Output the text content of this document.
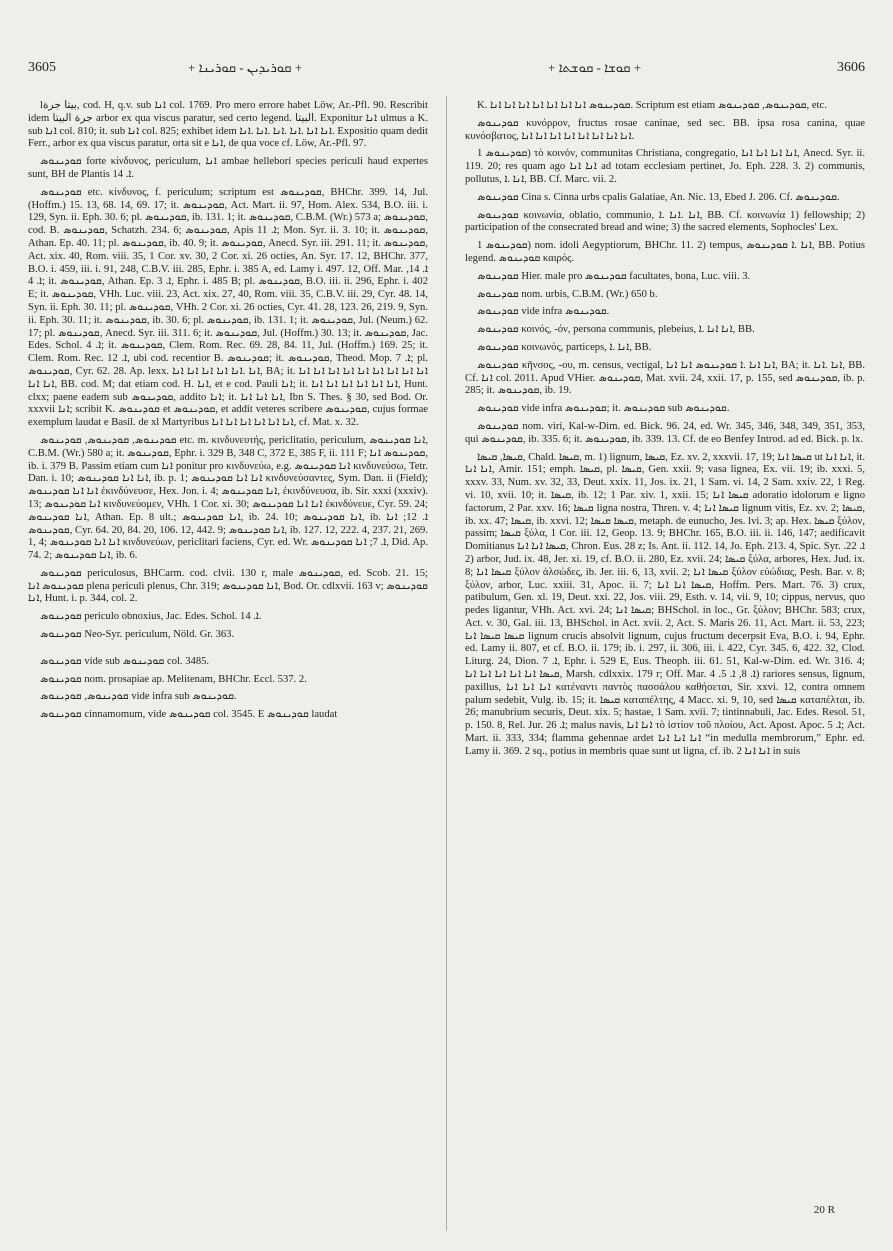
3605	+ ܩܘܪܝܕܝܢ - ܩܘܪܝܢܐ +	+ ܩܘܫܐ - ܩܘܫܬܐ +	3606

lبيتا جرة, cod. H, q.v. sub ܐܢܐ col. 1769. Pro mero errore habet Löw, Ar.-Pfl. 90. Rescribit idem جرة البيتا arbor ex qua viscus paratur, sed certo legend. البيتا. Exponitur ܐܢܐ ulmus a K. sub ܐܢܐ col. 810; it. sub ܐܢܐ col. 825; exhibet idem ܐܢܐ ܐܢܐ .ܐܢܐ .ܐܢܐ .ܐܢܐ .ܐܢܐ. Expositio quam dedit Ferr., arbor ex qua viscus paratur, orta sit e ܐܢܐ, de qua voce cf. Löw, Ar.-Pfl. 97.

ܩܘܕܝܢܘܣ forte κίνδυνος, periculum, ܐܢܐ ambae helleborí species periculi haud expertes sunt, BH de Plantis ܐ. 14.

ܩܘܕܝܢܘܣ etc. κίνδυνος, f. periculum; scriptum est ܩܘܕܝܢܘܣ, BHChr. 399. 14, Jul. (Hoffm.) 15. 13, 68. 14, 69. 17; it. ܩܘܕܝܢܘܣ, Act. Mart. ii. 97, Hom. Alex. 534, B.O. iii. i. 129, Syn. ii. Eph. 30. 6; pl. ܩܘܕܝܢܘܣ, ib. 131. 1; it. ܩܘܕܝܢܘܣ, C.B.M. (Wr.) 573 a; ܩܘܕܝܢܘܣ, cod. B. ܩܘܕܝܢܘܣ, Schatzh. 234. 6; ܩܘܕܝܢܘܣ, Apis ܐ. 11; Mon. Syr. ii. 3. 10; it. ܩܘܕܝܢܘܣ, Athan. Ep. 40. 11; pl. ܩܘܕܝܢܘܣ, ib. 40. 9; it. ܩܘܕܝܢܘܣ, Anecd. Syr. iii. 291. 11; it. ܩܘܕܝܢܘܣ, Act. xix. 40, Rom. viii. 35, 1 Cor. xv. 30, 2 Cor. xi. 26 octies, An. Syr. 17. 12, BHChr. 377, B.O. i. 459, iii. i. 91, 248, C.B.V. iii. 285, Ephr. i. 385 A, ed. Lamy i. 497. 12, Off. Mar. ܐ. 14, ܐ. 4; it. ܩܘܕܝܢܘܣ, Athan. Ep. ܐ. 3, Ephr. i. 485 B; pl. ܩܘܕܝܢܘܣ, B.O. iii. ii. 296, Ephr. i. 402 E; it. ܩܘܕܝܢܘܣ, VHh. Luc. viii. 23, Act. xix. 27, 40, Rom. viii. 35, C.B.V. iii. 29, Cyr. 48. 14, Syn. ii. Eph. 30. 11; pl. ܩܘܕܝܢܘܣ, VHh. 2 Cor. xi. 26 octies, Cyr. 41. 28, 123. 26, 219. 9, Syn. ii. Eph. 30. 11; it. ܩܘܕܝܢܘܣ, ib. 30. 6; pl. ܩܘܕܝܢܘܣ, ib. 131. 1; it. ܩܘܕܝܢܘܣ, Jul. (Neum.) 62. 17; pl. ܩܘܕܝܢܘܣ, Anecd. Syr. iii. 311. 6; it. ܩܘܕܝܢܘܣ, Jul. (Hoffm.) 30. 13; it. ܩܘܕܝܢܘܣ, Jac. Edes. Schol. ܐ. 4; it. ܩܘܕܝܢܘܣ, Clem. Rom. Rec. 69. 28, 84. 11, Jul. (Hoffm.) 169. 25; it. Clem. Rom. Rec. ܐ. 12, ubi cod. recentior B. ܩܘܕܝܢܘܣ; it. ܩܘܕܝܢܘܣ, Theod. Mop. ܐ. 7; pl. ܩܘܕܝܢܘܣ, Cyr. 62. 28. Ap. lexx. ܐܢܐ .ܐܢܐ ܐܢܐ ܐܢܐ ܐܢܐ ܐܢܐ, BA; it. ܐܢܐ ܐܢܐ ܐܢܐ ܐܢܐ ܐܢܐ ܐܢܐ ܐܢܐ ܐܢܐ ܐܢܐ ܐܢܐ ܐܢܐ, BB. cod. M; dat etiam cod. H. ܐܢܐ, et e cod. Pauli ܐܢܐ; it. ܐܢܐ ܐܢܐ ܐܢܐ ܐܢܐ ܐܢܐ ܐܢܐ, Hunt. clxx; paene eadem sub ܩܘܕܝܢܘܣ, addito ܐܢܐ; it. ܐܢܐ ܐܢܐ ܐܢܐ, Ibn S. Thes. § 30, sed Bod. Or. xxxvii ܐܢܐ; scribit K. ܩܘܕܝܢܘܣ et ܩܘܕܝܢܘܣ, et addit veteres scribere ܩܘܕܝܢܘܣ, cujus formae exemplum laudat e Basil. de xl Martyribus ܐܢܐ ܐܢܐ ܐܢܐ ܐܢܐ ܐܢܐ ܐܢܐ, cf. Mat. x. 32.

ܩܘܕܝܢܘܣ, ܩܘܕܝܢܘܣ, ܩܘܕܝܢܘܣ etc. m. κινδυνευτής, periclitatio, periculum, ܐܢܐ ܩܘܕܝܢܘܣ, C.B.M. (Wr.) 580 a; it. ܩܘܕܝܢܘܣ, Ephr. i. 329 B, 348 C, 372 E, 385 F, ii. 111 F; ܩܘܕܝܢܘܣ ܐܢܐ, ib. i. 379 B. Passim etiam cum ܐܢܐ ponitur pro κινδυνεύω, e.g. ܐܢܐ ܩܘܕܝܢܘܣ κινδυνεύσω, Tetr. Dan. i. 10; ܐܢܐ ܐܢܐ ܩܘܕܝܢܘܣ, ib. p. 1; ܐܢܐ ܐܢܐ ܩܘܕܝܢܘܣ κινδυνεύσαντες, Sym. Dan. ii (Field); ܐܢܐ ܐܢܐ ܩܘܕܝܢܘܣ ἐκινδύνευσε, Hex. Jon. i. 4; ܐܢܐ ܩܘܕܝܢܘܣ, ἐκινδύνευσα, ib. Sir. xxxi (xxxiv). 13; ܐܢܐ ܩܘܕܝܢܘܣ κινδυνεύομεν, VHh. 1 Cor. xi. 30; ܐܢܐ ܐܢܐ ܩܘܕܝܢܘܣ ἐκινδύνευε, Cyr. 59. 24; ܐܢܐ ܩܘܕܝܢܘܣ, Athan. Ep. 8 ult.; ܐܢܐ ܩܘܕܝܢܘܣ, ib. 24. 10; ܐܢܐ ܩܘܕܝܢܘܣ, ib. ܐ. 12; ܐܢܐ ܩܘܕܝܢܘܣ, Cyr. 64. 20, 84. 20, 106. 12, 442. 9; ܐܢܐ ܩܘܕܝܢܘܣ, ib. 127. 12, 222. 4, 237. 21, 269. 1, 4; ܐܢܐ ܐܢܐ ܩܘܕܝܢܘܣ κινδυνεύων, periclitari faciens, Cyr. ed. Wr. ܐ. 7; ܐܢܐ ܩܘܕܝܢܘܣ, Did. Ap. 74. 2; ܐܢܐ ܩܘܕܝܢܘܣ, ib. 6.

ܩܘܕܝܢܘܣ periculosus, BHCarm. cod. clvii. 130 r, male ܩܘܕܝܢܘܣ, ed. Scob. 21. 15; ܩܘܕܝܢܘܣ ܐܢܐ plena periculi plenus, Chr. 319; ܐܢܐ ܩܘܕܝܢܘܣ, Bod. Or. cdlxvii. 163 v; ܩܘܕܝܢܘܣ ܐܢܐ, Hunt. i. p. 344, col. 2.

ܩܘܕܝܢܘܣ periculo obnoxius, Jac. Edes. Schol. ܐ. 14.

ܩܘܕܝܢܘܣ Neo-Syr. periculum, Nöld. Gr. 363.

ܩܘܕܝܢܘܣ vide sub ܩܘܕܝܢܘܣ col. 3485.

ܩܘܕܝܢܘܣ nom. prosapiae ap. Melitenam, BHChr. Eccl. 537. 2.

ܩܘܕܝܢܘܣ, ܩܘܕܝܢܘܣ vide infra sub ܩܘܕܝܢܘܣ.

ܩܘܕܝܢܘܣ cinnamomum, vide ܩܘܕܝܢܘܣ col. 3545. E ܩܘܕܝܢܘܣ laudat

K. ܩܘܕܝܢܘܣ ܐܢܐ ܐܢܐ ܐܢܐ ܐܢܐ ܐܢܐ ܐܢܐ ܐܢܐ. Scriptum est etiam ܩܘܕܝܢܘܣ, ܩܘܕܝܢܘܣ, etc.

ܩܘܕܝܢܘܣ κυνόρρον, fructus rosae caninae, sed sec. BB. ipsa rosa canina, quae κυνόσβατος, ܐܢܐ ܐܢܐ ܐܢܐ ܐܢܐ ܐܢܐ ܐܢܐ ܐܢܐ ܐܢܐ.

ܩܘܕܝܢܘܣ 1) τὸ κοινόν, communitas Christiana, congregatio, ܐܢܐ ܐܢܐ ܐܢܐ ܐܢܐ, Anecd. Syr. ii. 119. 20; res quam ago ܐܢܐ ܐܢܐ ad totam ecclesiam pertinet, Jo. Eph. 228. 3. 2) communis, pollutus, ܐܢܐ .ܐ, BB. Cf. Marc. vii. 2.

ܩܘܕܝܢܘܣ Cina s. Cinna urbs cpalis Galatiae, An. Nic. 13, Ebed J. 206. Cf. ܩܘܕܝܢܘܣ.

ܩܘܕܝܢܘܣ κοινωνία, oblatio, communio, ܐܢܐ .ܐܢܐ .ܐ, BB. Cf. κοινωνία 1) fellowship; 2) participation of the consecrated bread and wine; 3) the sacred elements, Sophocles' Lex.

ܩܘܕܝܢܘܣ 1) nom. idoli Aegyptiorum, BHChr. 11. 2) tempus, ܐܢܐ .ܐ ܩܘܕܝܢܘܣ, BB. Potius legend. ܩܘܕܝܢܘܣ καιρός.

ܩܘܕܝܢܘܣ Hier. male pro ܩܘܕܝܢܘܣ facultates, bona, Luc. viii. 3.

ܩܘܕܝܢܘܣ nom. urbis, C.B.M. (Wr.) 650 b.

ܩܘܕܝܢܘܣ vide infra ܩܘܕܝܢܘܣ.

ܩܘܕܝܢܘܣ κοινός, -όν, persona communis, plebeius, ܐܢܐ ܐܢܐ .ܐ, BB.

ܩܘܕܝܢܘܣ κοινωνός, particeps, ܐܢܐ .ܐ, BB.

ܩܘܕܝܢܘܣ κῆνσος, -ου, m. census, vectigal, ܐܢܐ ܐܢܐ .ܐ ܩܘܕܝܢܘܣ ܐܢܐ ܐܢܐ, BA; it. ܐܢܐ .ܐܢܐ, BB. Cf. ܐܢܐ col. 2011. Apud VHier. ܩܘܕܝܢܘܣ, Mat. xvii. 24, xxii. 17, p. 155, sed ܩܘܕܝܢܘܣ, ib. p. 285; it. ܩܘܕܝܢܘܣ, ib. 19.

ܩܘܕܝܢܘܣ vide infra ܩܘܕܝܢܘܣ; it. ܩܘܕܝܢܘܣ sub ܩܘܕܝܢܘܣ.

ܩܘܕܝܢܘܣ nom. viri, Kal-w-Dim. ed. Bick. 96. 24, ed. Wr. 345, 346, 348, 349, 351, 353, qui ܩܘܕܝܢܘܣ, ib. 335. 6; it. ܩܘܕܝܢܘܣ, ib. 339. 13. Cf. de eo Benfey Introd. ad ed. Bick. p. lx.

ܩܝܣܐ, ܩܝܣܐ, Chald. ܩܝܣܐ, m. 1) lignum, ܩܝܣܐ, Ez. xv. 2, xxxvii. 17, 19; ܩܝܣܐ ܐܢܐ ut ܐܢܐ ܐܢܐ, it. ܐܢܐ ܐܢܐ, Amir. 151; emph. ܩܝܣܐ, pl. ܩܝܣܐ, Gen. xxii. 9; vasa lignea, Ex. vii. 19; ib. xxxi. 5, xxxv. 33, Num. xv. 32, 33, Deut. xxix. 11, Jos. ix. 21, 1 Sam. vi. 14, 2 Sam. xxiv. 22, 1 Reg. vi. 10, xvii. 10; it. ܩܝܣܐ, ib. 12; 1 Par. xiv. 1, xxii. 15; ܩܝܣܐ ܐܢܐ adoratio idolorum e ligno factorum, 2 Par. xxv. 16; ܩܝܣܐ ligna nostra, Thren. v. 4; ܩܝܣܐ ܐܢܐ lignum vitis, Ez. xv. 2; ܩܝܣܐ, ib. xx. 47; ܩܝܣܐ, ib. xxvi. 12; ܩܝܣܐ ܩܝܣܐ, metaph. de eunucho, Jes. lvi. 3; ap. Hex. ܩܝܣܐ ξύλον, passim; ܩܝܣܐ ξύλα, 1 Cor. iii. 12, Geop. 13. 9; BHChr. 165, B.O. iii. ii. 146, 147; aedificavit Domitianus ܩܝܣܐ ܐܢܐ ܐܢܐ, Chron. Eus. 28 z; Is. Ant. ii. 112. 14, Jo. Eph. 213. 4, Spic. Syr. ܐ. 22. 2) arbor, Jud. ix. 48, Jer. xi. 19, cf. B.O. ii. 280, Ez. xvii. 24; ܩܝܣܐ ξύλα, arbores, Hex. Jud. ix. 8; ܩܝܣܐ ܐܢܐ ξύλον ἀλσώδες, ib. Jer. iii. 6, 13, xvii. 2; ܩܝܣܐ ܐܢܐ ξύλον εὐώδιας, Pesh. Bar. v. 8; ξύλον, arbor, Luc. xxiii. 31, Apoc. ii. 7; ܩܝܣܐ ܐܢܐ ܐܢܐ, Hoffm. Pers. Mart. 76. 3) crux, patibulum, Gen. xl. 19, Deut. xxi. 22, Jos. viii. 29, Esth. v. 14, vii. 9, 10; cippus, nervus, quo pedes ligantur, VHh. Act. xvi. 24; ܩܝܣܐ ܐܢܐ; BHSchol. in loc., Gr. ξύλον; BHChr. 583; crux, Act. v. 30, Gal. iii. 13, BHSchol. in Act. xvii. 2, Act. S. Maris 26. 11, Act. Mart. ii. 53, 223; ܩܝܣܐ ܩܝܣܐ ܐܢܐ lignum crucis absolvit lignum, cujus fructum decerpsit Eva, B.O. i. 94, Ephr. ed. Lamy ii. 807, et cf. B.O. ii. 179; ib. i. 297, ii. 306, iii. i. 422, Cyr. 345. 6, 422. 32, Clod. Liturg. 24, Dion. ܐ. 7, Ephr. i. 529 E, Eus. Theoph. iii. 61. 51, Kal-w-Dim. ed. Wr. 316. 4; ܩܝܣܐ ܐܢܐ ܐܢܐ ܐܢܐ ܐܢܐ ܐܢܐ, Marsh. cdlxxix. 179 r; Off. Mar. ܐ. 8, ܐ. 5. 4) rariores sensus, lignum, paxillus, ܐܢܐ ܐܢܐ ܐܢܐ κατέναντι παντὸς πασσάλου καθήσεται, Sir. xxvi. 12, contra omnem palum sedebit, Vulg. ib. 15; it. ܩܝܣܐ καταπέλτης, 4 Macc. xi. 9, 10, sed ܩܝܣܐ καταπέλται, ib. 26; manubrium securis, Deut. xix. 5; hastae, 1 Sam. xvii. 7; tintinnabuli, Jac. Edes. Resol. 51, p. 150. 8, Rel. Jur. ܐ. 26; malus navis, ܐܢܐ ܐܢܐ τὸ ἱστίον τοῦ πλοίου, Act. Apost. Apoc. ܐ. 5; Act. Mart. ii. 333, 334; flamma gehennae ardet ܐܢܐ ܐܢܐ ܐܢܐ “in medulla membrorum,” Ephr. ed. Lamy ii. 369. 2 sq., potius in membris quae sunt ut ligna, cf. ib. 2 ܐܢܐ ܐܢܐ in suis

20 R
